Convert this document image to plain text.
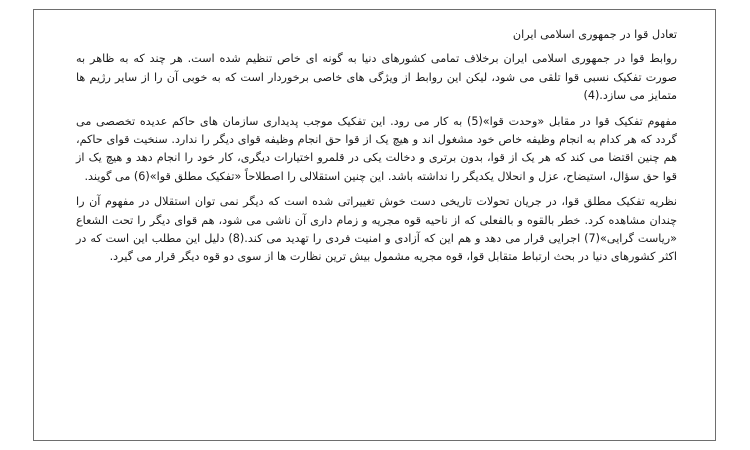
تعادل قوا در جمهوری اسلامی ایران

روابط قوا در جمهوری اسلامی ایران برخلاف تمامی کشورهای دنیا به گونه ای خاص تنظیم شده است. هر چند که به ظاهر به صورت تفکیک نسبی قوا تلقی می شود، لیکن این روابط از ویژگی های خاصی برخوردار است که به خوبی آن را از سایر رژیم ها متمایز می سازد.(4)

مفهوم تفکیک قوا در مقابل «وحدت قوا»(5) به کار می رود. این تفکیک موجب پدیداری سازمان های حاکم عدیده تخصصی می گردد که هر کدام به انجام وظیفه خاص خود مشغول اند و هیچ یک از قوا حق انجام وظیفه قوای دیگر را ندارد. سنخیت قوای حاکم، هم چنین اقتضا می کند که هر یک از قوا، بدون برتری و دخالت یکی در قلمرو اختیارات دیگری، کار خود را انجام دهد و هیچ یک از قوا حق سؤال، استیضاح، عزل و انحلال یکدیگر را نداشته باشد. این چنین استقلالی را اصطلاحاً «تفکیک مطلق قوا»(6) می گویند.

نظریه تفکیک مطلق قوا، در جریان تحولات تاریخی دست خوش تغییراتی شده است که دیگر نمی توان استقلال در مفهوم آن را چندان مشاهده کرد. خطر بالقوه و بالفعلی که از ناحیه قوه مجریه و زمام داری آن ناشی می شود، هم قوای دیگر را تحت الشعاع «ریاست گرایی»(7) اجرایی قرار می دهد و هم این که آزادی و امنیت فردی را تهدید می کند.(8) دلیل این مطلب این است که در اکثر کشورهای دنیا در بحث ارتباط متقابل قوا، قوه مجریه مشمول بیش ترین نظارت ها از سوی دو قوه دیگر قرار می گیرد.
